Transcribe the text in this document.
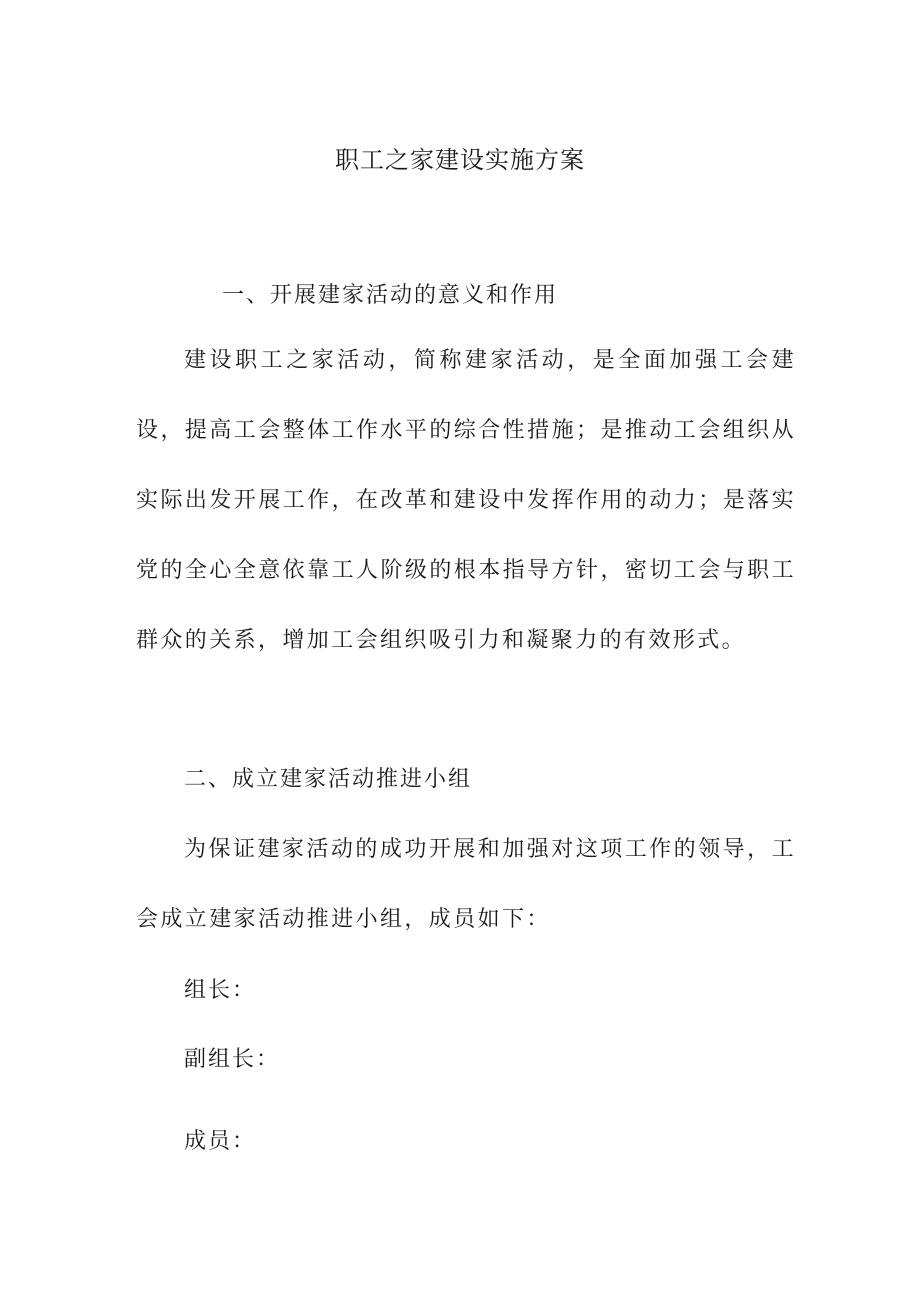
职工之家建设实施方案
一、开展建家活动的意义和作用
建设职工之家活动，简称建家活动，是全面加强工会建设，提高工会整体工作水平的综合性措施；是推动工会组织从实际出发开展工作，在改革和建设中发挥作用的动力；是落实党的全心全意依靠工人阶级的根本指导方针，密切工会与职工群众的关系，增加工会组织吸引力和凝聚力的有效形式。
二、成立建家活动推进小组
为保证建家活动的成功开展和加强对这项工作的领导，工会成立建家活动推进小组，成员如下：
组长：
副组长：
成员：
